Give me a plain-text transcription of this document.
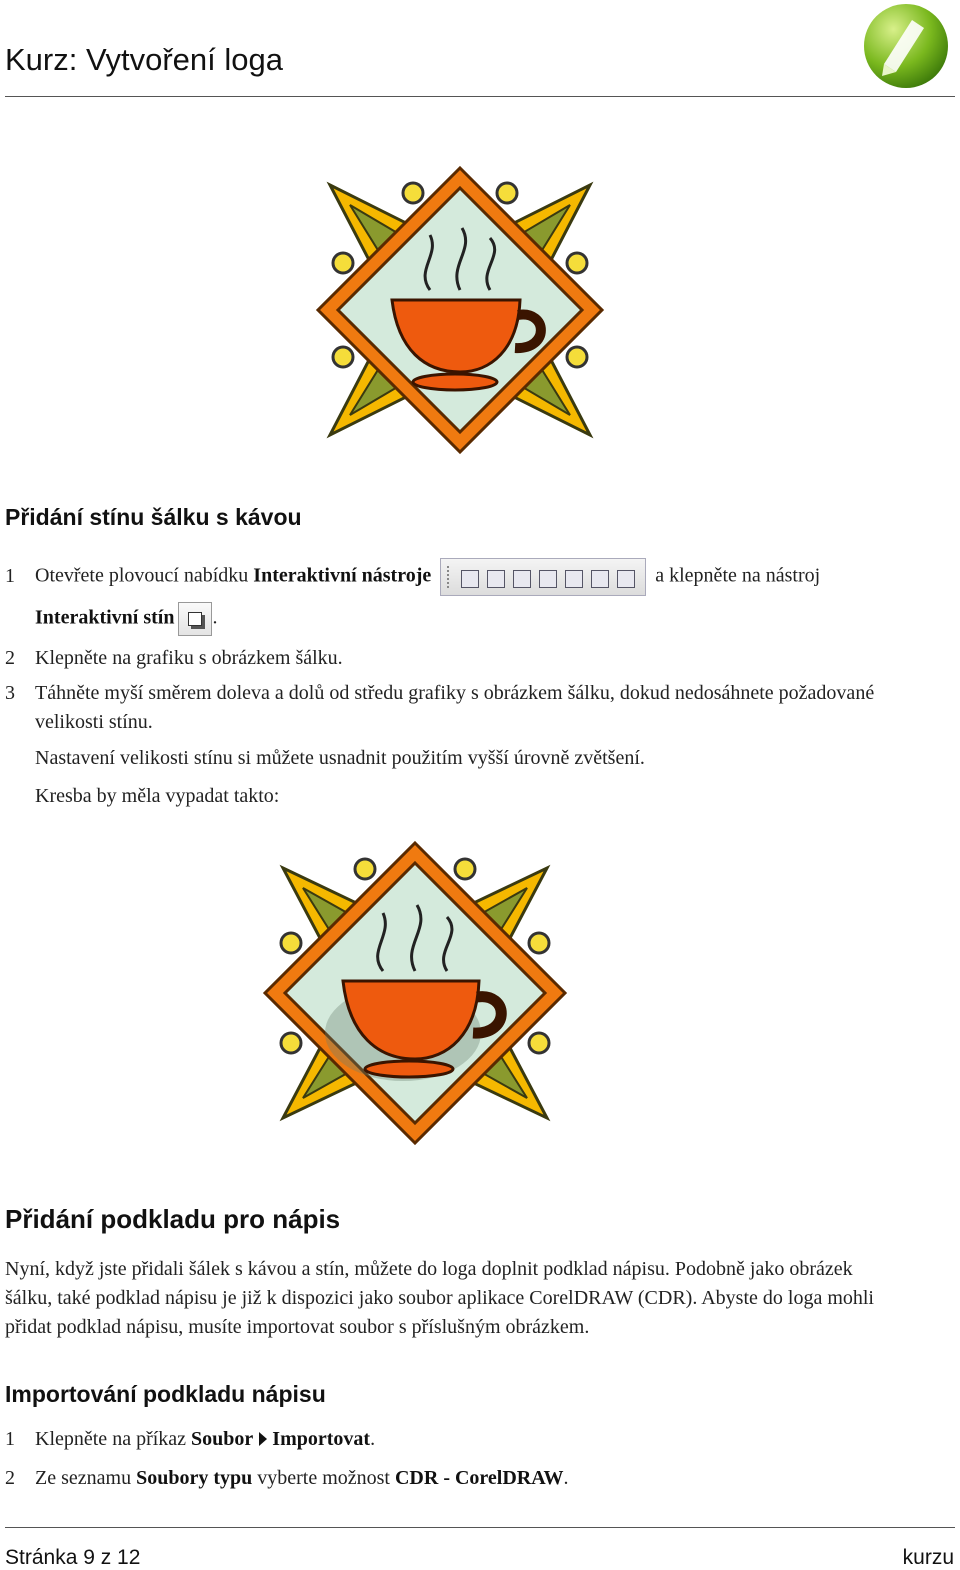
Kurz: Vytvoření loga
Přidání stínu šálku s kávou
1 Otevřete plovoucí nabídku Interaktivní nástroje	a klepněte na nástroj
Interaktivní stín .
2 Klepněte na grafiku s obrázkem šálku.
3 Táhněte myší směrem doleva a dolů od středu grafiky s obrázkem šálku, dokud nedosáhnete požadované
velikosti stínu.
Nastavení velikosti stínu si můžete usnadnit použitím vyšší úrovně zvětšení.
Kresba by měla vypadat takto:
Přidání podkladu pro nápis
Nyní, když jste přidali šálek s kávou a stín, můžete do loga doplnit podklad nápisu. Podobně jako obrázek
šálku, také podklad nápisu je již k dispozici jako soubor aplikace CorelDRAW (CDR). Abyste do loga mohli
přidat podklad nápisu, musíte importovat soubor s příslušným obrázkem.
Importování podkladu nápisu
1 Klepněte na příkaz Soubor Importovat.
2 Ze seznamu Soubory typu vyberte možnost CDR - CorelDRAW.
Stránka 9 z 12	kurzu
